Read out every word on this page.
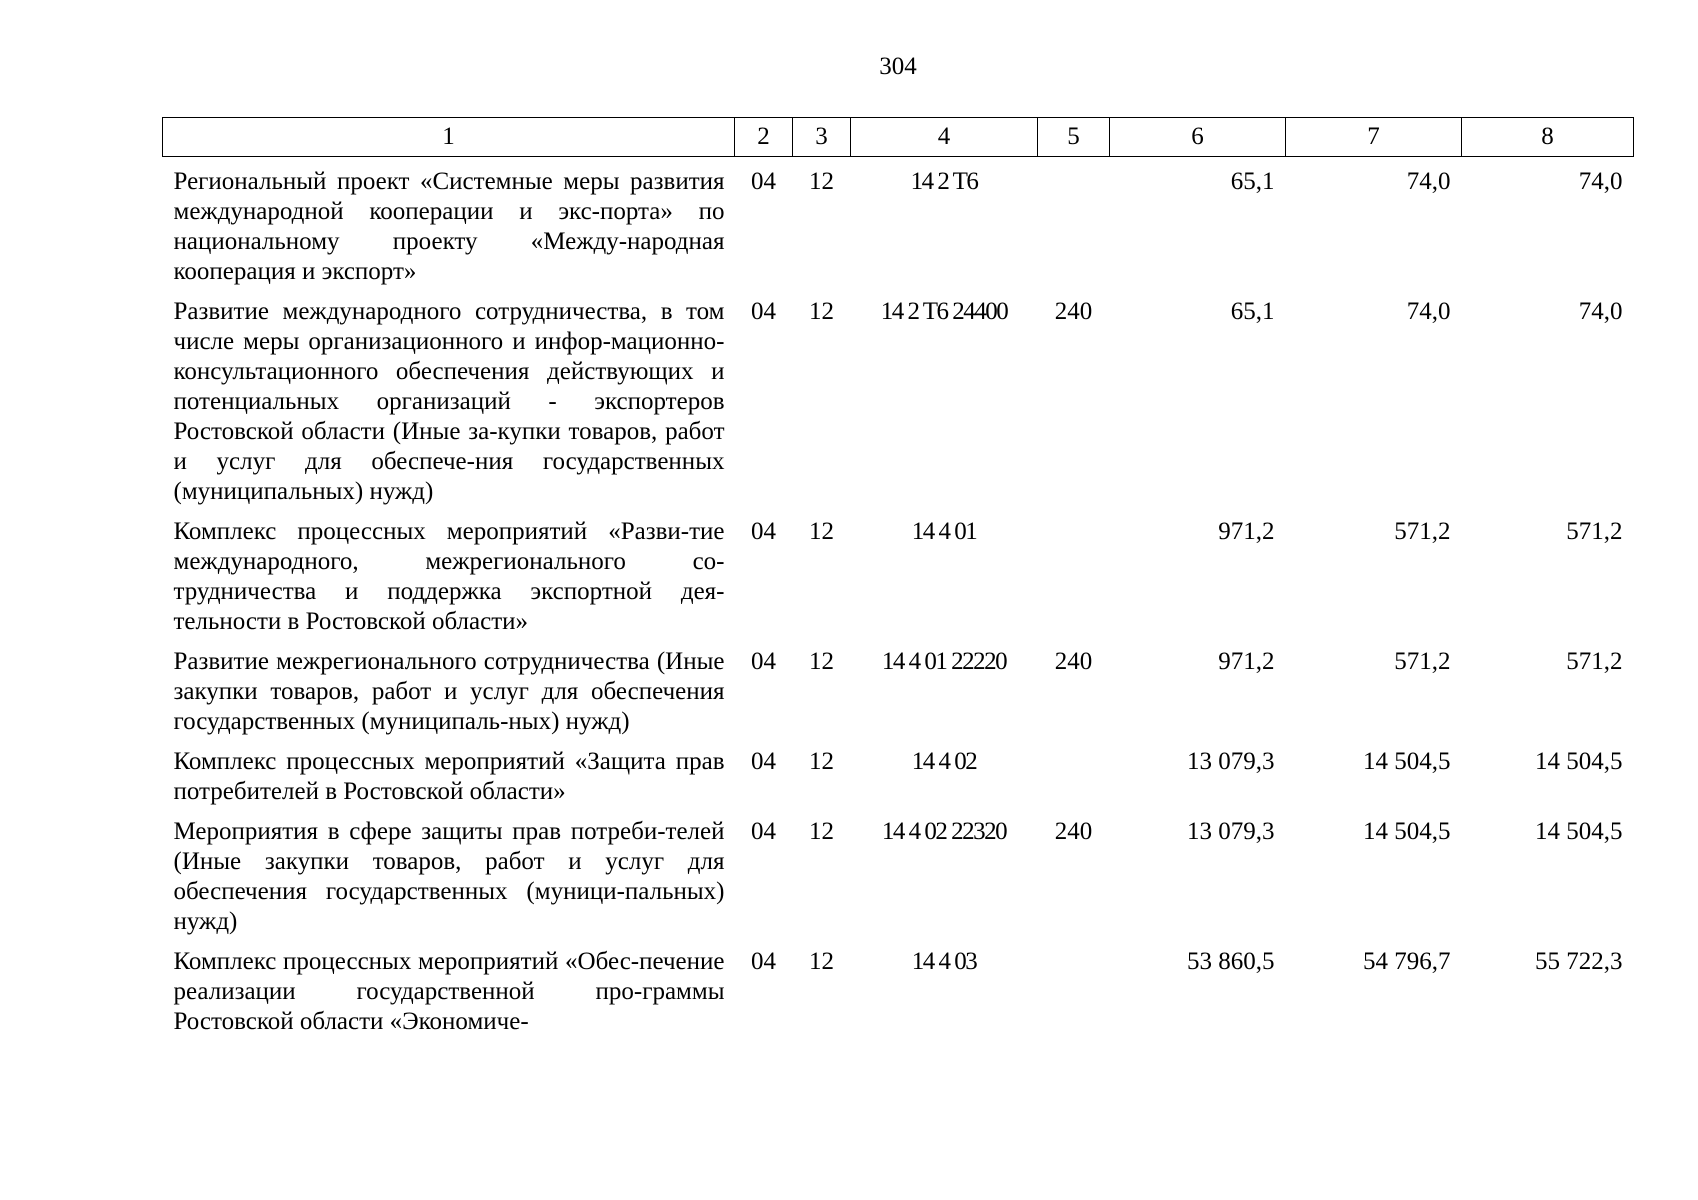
304
1	2	3	4	5	6	7	8
Региональный проект «Системные меры развития международной кооперации и экс-порта» по национальному проекту «Между-народная кооперация и экспорт»	04	12	14 2 T6		65,1	74,0	74,0
Развитие международного сотрудничества, в том числе меры организационного и инфор-мационно-консультационного обеспечения действующих и потенциальных организаций - экспортеров Ростовской области (Иные за-купки товаров, работ и услуг для обеспече-ния государственных (муниципальных) нужд)	04	12	14 2 T6 24400	240	65,1	74,0	74,0
Комплекс процессных мероприятий «Разви-тие международного, межрегионального со-трудничества и поддержка экспортной дея-тельности в Ростовской области»	04	12	14 4 01		971,2	571,2	571,2
Развитие межрегионального сотрудничества (Иные закупки товаров, работ и услуг для обеспечения государственных (муниципаль-ных) нужд)	04	12	14 4 01 22220	240	971,2	571,2	571,2
Комплекс процессных мероприятий «Защита прав потребителей в Ростовской области»	04	12	14 4 02		13 079,3	14 504,5	14 504,5
Мероприятия в сфере защиты прав потреби-телей (Иные закупки товаров, работ и услуг для обеспечения государственных (муници-пальных) нужд)	04	12	14 4 02 22320	240	13 079,3	14 504,5	14 504,5
Комплекс процессных мероприятий «Обес-печение реализации государственной про-граммы Ростовской области «Экономиче-	04	12	14 4 03		53 860,5	54 796,7	55 722,3
